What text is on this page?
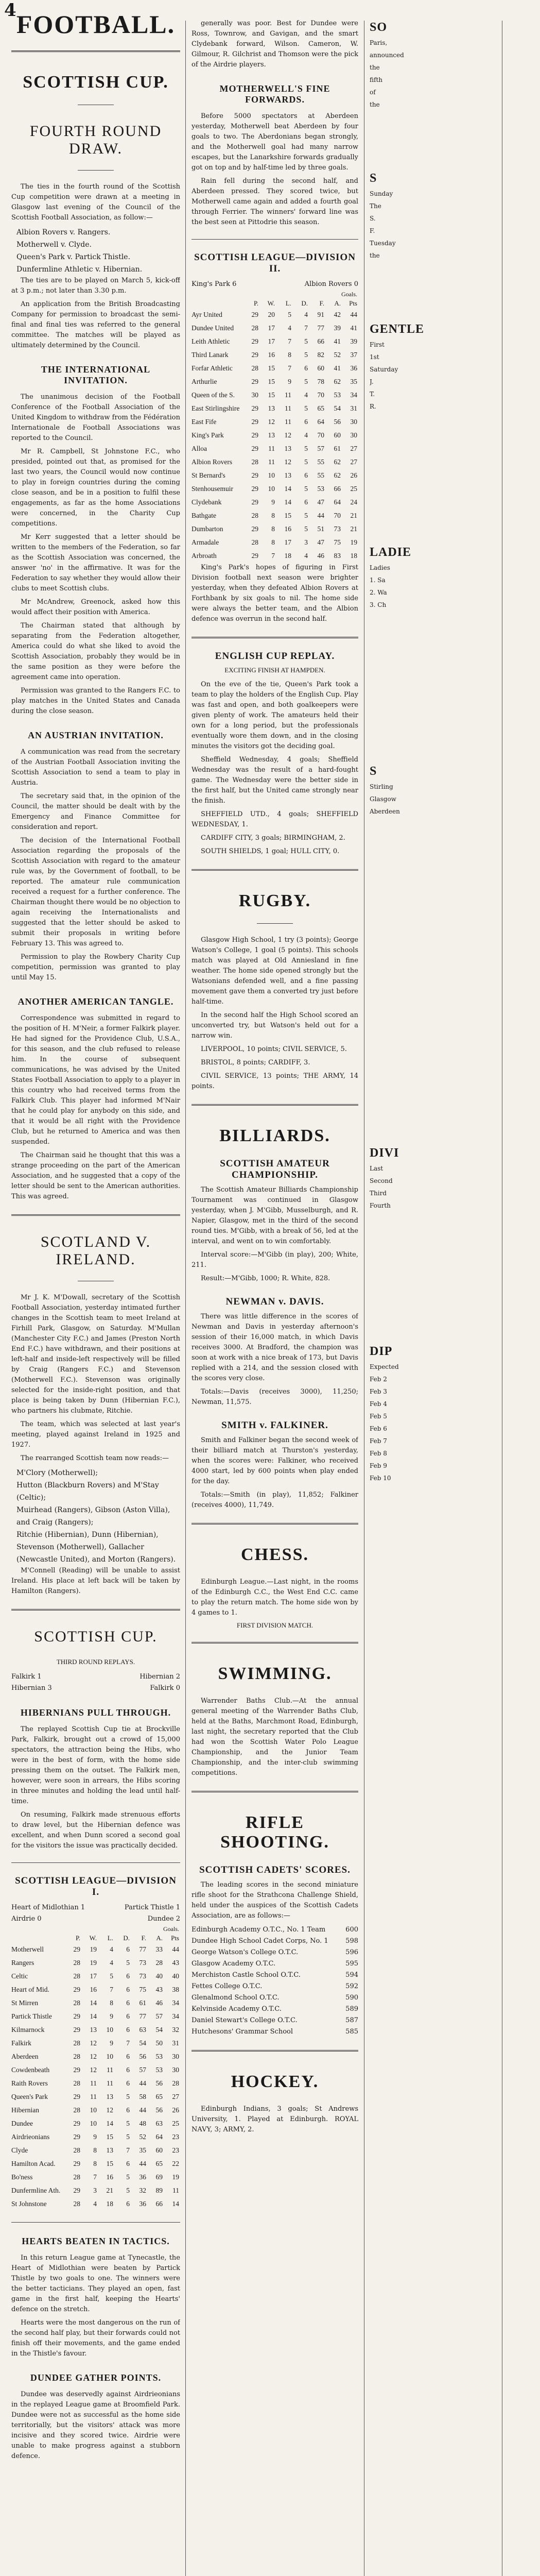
4 FOOTBALL.
SCOTTISH CUP.
FOURTH ROUND DRAW.

The ties in the fourth round of the Scottish Cup competition were drawn at a meeting in Glasgow last evening of the Council of the Scottish Football Association, as follow:—

Albion Rovers v. Rangers.
Motherwell v. Clyde.
Queen's Park v. Partick Thistle.
Dunfermline Athletic v. Hibernian.

The ties are to be played on March 5, kick-off at 3 p.m.; not later than 3.30 p.m.

An application from the British Broadcasting Company for permission to broadcast the semi-final and final ties was referred to the general committee. The matches will be played as ultimately determined by the Council.

THE INTERNATIONAL INVITATION.

The unanimous decision of the Football Conference of the Football Association of the United Kingdom to withdraw from the Fédération Internationale de Football Associations was reported to the Council.

Mr R. Campbell, St Johnstone F.C., who presided, pointed out that, as promised for the last two years, the Council would now continue to play in foreign countries during the coming close season, and be in a position to fulfil these engagements, as far as the home Associations were concerned, in the Charity Cup competitions.

Mr Kerr suggested that a letter should be written to the members of the Federation, so far as the Scottish Association was concerned, the answer 'no' in the affirmative. It was for the Federation to say whether they would allow their clubs to meet Scottish clubs.

Mr McAndrew, Greenock, asked how this would affect their position with America.

The Chairman stated that although by separating from the Federation altogether, America could do what she liked to avoid the Scottish Association, probably they would be in the same position as they were before the agreement came into operation.

Permission was granted to the Rangers F.C. to play matches in the United States and Canada during the close season.

AN AUSTRIAN INVITATION.

A communication was read from the secretary of the Austrian Football Association inviting the Scottish Association to send a team to play in Austria.

The secretary said that, in the opinion of the Council, the matter should be dealt with by the Emergency and Finance Committee for consideration and report.

The decision of the International Football Association regarding the proposals of the Scottish Association with regard to the amateur rule was, by the Government of football, to be reported. The amateur rule communication received a request for a further conference. The Chairman thought there would be no objection to again receiving the Internationalists and suggested that the letter should be asked to submit their proposals in writing before February 13. This was agreed to.

Permission to play the Rowbery Charity Cup competition, permission was granted to play until May 15.

ANOTHER AMERICAN TANGLE.

Correspondence was submitted in regard to the position of H. M'Neir, a former Falkirk player. He had signed for the Providence Club, U.S.A., for this season, and the club refused to release him. In the course of subsequent communications, he was advised by the United States Football Association to apply to a player in this country who had received terms from the Falkirk Club. This player had informed M'Nair that he could play for anybody on this side, and that it would be all right with the Providence Club, but he returned to America and was then suspended.

The Chairman said he thought that this was a strange proceeding on the part of the American Association, and he suggested that a copy of the letter should be sent to the American authorities. This was agreed.

SCOTLAND V. IRELAND.

Mr J. K. M'Dowall, secretary of the Scottish Football Association, yesterday intimated further changes in the Scottish team to meet Ireland at Firhill Park, Glasgow, on Saturday. M'Mullan (Manchester City F.C.) and James (Preston North End F.C.) have withdrawn, and their positions at left-half and inside-left respectively will be filled by Craig (Rangers F.C.) and Stevenson (Motherwell F.C.). Stevenson was originally selected for the inside-right position, and that place is being taken by Dunn (Hibernian F.C.), who partners his clubmate, Ritchie.

The team, which was selected at last year's meeting, played against Ireland in 1925 and 1927.

The rearranged Scottish team now reads:—

M'Clory (Motherwell);
Hutton (Blackburn Rovers) and M'Stay (Celtic);
Muirhead (Rangers), Gibson (Aston Villa), and Craig (Rangers);
Ritchie (Hibernian), Dunn (Hibernian), Stevenson (Motherwell), Gallacher (Newcastle United), and Morton (Rangers).

M'Connell (Reading) will be unable to assist Ireland. His place at left back will be taken by Hamilton (Rangers).

SCOTTISH CUP.
THIRD ROUND REPLAYS.
Falkirk 1	Hibernian 2
Hibernian 3	Falkirk 0
HIBERNIANS PULL THROUGH.

The replayed Scottish Cup tie at Brockville Park, Falkirk, brought out a crowd of 15,000 spectators, the attraction being the Hibs, who were in the best of form, with the home side pressing them on the outset. The Falkirk men, however, were soon in arrears, the Hibs scoring in three minutes and holding the lead until half-time.

On resuming, Falkirk made strenuous efforts to draw level, but the Hibernian defence was excellent, and when Dunn scored a second goal for the visitors the issue was practically decided.

SCOTTISH LEAGUE—DIVISION I.
Heart of Midlothian 1	Partick Thistle 1
Airdrie 0	Dundee 2
	Goals.						
	P.	W.	L.	D.	F.	A.	Pts
Motherwell	29	19	4	6	77	33	44
Rangers	28	19	4	5	73	28	43
Celtic	28	17	5	6	73	40	40
Heart of Mid.	29	16	7	6	75	43	38
St Mirren	28	14	8	6	61	46	34
Partick Thistle	29	14	9	6	77	57	34
Kilmarnock	29	13	10	6	63	54	32
Falkirk	28	12	9	7	54	50	31
Aberdeen	28	12	10	6	56	53	30
Cowdenbeath	29	12	11	6	57	53	30
Raith Rovers	28	11	11	6	44	56	28
Queen's Park	29	11	13	5	58	65	27
Hibernian	28	10	12	6	44	56	26
Dundee	29	10	14	5	48	63	25
Airdrieonians	29	9	15	5	52	64	23
Clyde	28	8	13	7	35	60	23
Hamilton Acad.	29	8	15	6	44	65	22
Bo'ness	28	7	16	5	36	69	19
Dunfermline Ath.	29	3	21	5	32	89	11
St Johnstone	28	4	18	6	36	66	14
HEARTS BEATEN IN TACTICS.

In this return League game at Tynecastle, the Heart of Midlothian were beaten by Partick Thistle by two goals to one. The winners were the better tacticians. They played an open, fast game in the first half, keeping the Hearts' defence on the stretch.

Hearts were the most dangerous on the run of the second half play, but their forwards could not finish off their movements, and the game ended in the Thistle's favour.

DUNDEE GATHER POINTS.

Dundee was deservedly against Airdrieonians in the replayed League game at Broomfield Park. Dundee were not as successful as the home side territorially, but the visitors' attack was more incisive and they scored twice. Airdrie were unable to make progress against a stubborn defence.

generally was poor. Best for Dundee were Ross, Townrow, and Gavigan, and the smart Clydebank forward, Wilson. Cameron, W. Gilmour, R. Gilchrist and Thomson were the pick of the Airdrie players.

MOTHERWELL'S FINE FORWARDS.

Before 5000 spectators at Aberdeen yesterday, Motherwell beat Aberdeen by four goals to two. The Aberdonians began strongly, and the Motherwell goal had many narrow escapes, but the Lanarkshire forwards gradually got on top and by half-time led by three goals.

Rain fell during the second half, and Aberdeen pressed. They scored twice, but Motherwell came again and added a fourth goal through Ferrier. The winners' forward line was the best seen at Pittodrie this season.

SCOTTISH LEAGUE—DIVISION II.
King's Park 6	Albion Rovers 0
	Goals.						
	P.	W.	L.	D.	F.	A.	Pts
Ayr United	29	20	5	4	91	42	44
Dundee United	28	17	4	7	77	39	41
Leith Athletic	29	17	7	5	66	41	39
Third Lanark	29	16	8	5	82	52	37
Forfar Athletic	28	15	7	6	60	41	36
Arthurlie	29	15	9	5	78	62	35
Queen of the S.	30	15	11	4	70	53	34
East Stirlingshire	29	13	11	5	65	54	31
East Fife	29	12	11	6	64	56	30
King's Park	29	13	12	4	70	60	30
Alloa	29	11	13	5	57	61	27
Albion Rovers	28	11	12	5	55	62	27
St Bernard's	29	10	13	6	55	62	26
Stenhousemuir	29	10	14	5	53	66	25
Clydebank	29	9	14	6	47	64	24
Bathgate	28	8	15	5	44	70	21
Dumbarton	29	8	16	5	51	73	21
Armadale	28	8	17	3	47	75	19
Arbroath	29	7	18	4	46	83	18

King's Park's hopes of figuring in First Division football next season were brighter yesterday, when they defeated Albion Rovers at Forthbank by six goals to nil. The home side were always the better team, and the Albion defence was overrun in the second half.

ENGLISH CUP REPLAY.
EXCITING FINISH AT HAMPDEN.

On the eve of the tie, Queen's Park took a team to play the holders of the English Cup. Play was fast and open, and both goalkeepers were given plenty of work. The amateurs held their own for a long period, but the professionals eventually wore them down, and in the closing minutes the visitors got the deciding goal.

Sheffield Wednesday, 4 goals; Sheffield Wednesday was the result of a hard-fought game. The Wednesday were the better side in the first half, but the United came strongly near the finish.

SHEFFIELD UTD., 4 goals; SHEFFIELD WEDNESDAY, 1.

CARDIFF CITY, 3 goals; BIRMINGHAM, 2.

SOUTH SHIELDS, 1 goal; HULL CITY, 0.

RUGBY.

Glasgow High School, 1 try (3 points); George Watson's College, 1 goal (5 points). This schools match was played at Old Anniesland in fine weather. The home side opened strongly but the Watsonians defended well, and a fine passing movement gave them a converted try just before half-time.

In the second half the High School scored an unconverted try, but Watson's held out for a narrow win.

LIVERPOOL, 10 points; CIVIL SERVICE, 5.

BRISTOL, 8 points; CARDIFF, 3.

CIVIL SERVICE, 13 points; THE ARMY, 14 points.

BILLIARDS.
SCOTTISH AMATEUR CHAMPIONSHIP.

The Scottish Amateur Billiards Championship Tournament was continued in Glasgow yesterday, when J. M'Gibb, Musselburgh, and R. Napier, Glasgow, met in the third of the second round ties. M'Gibb, with a break of 56, led at the interval, and went on to win comfortably.

Interval score:—M'Gibb (in play), 200; White, 211.

Result:—M'Gibb, 1000; R. White, 828.

NEWMAN v. DAVIS.

There was little difference in the scores of Newman and Davis in yesterday afternoon's session of their 16,000 match, in which Davis receives 3000. At Bradford, the champion was soon at work with a nice break of 173, but Davis replied with a 214, and the session closed with the scores very close.

Totals:—Davis (receives 3000), 11,250; Newman, 11,575.

SMITH v. FALKINER.

Smith and Falkiner began the second week of their billiard match at Thurston's yesterday, when the scores were: Falkiner, who received 4000 start, led by 600 points when play ended for the day.

Totals:—Smith (in play), 11,852; Falkiner (receives 4000), 11,749.

CHESS.

Edinburgh League.—Last night, in the rooms of the Edinburgh C.C., the West End C.C. came to play the return match. The home side won by 4 games to 1.

FIRST DIVISION MATCH.
SWIMMING.

Warrender Baths Club.—At the annual general meeting of the Warrender Baths Club, held at the Baths, Marchmont Road, Edinburgh, last night, the secretary reported that the Club had won the Scottish Water Polo League Championship, and the Junior Team Championship, and the inter-club swimming competitions.

RIFLE SHOOTING.
SCOTTISH CADETS' SCORES.

The leading scores in the second miniature rifle shoot for the Strathcona Challenge Shield, held under the auspices of the Scottish Cadets Association, are as follows:—

Edinburgh Academy O.T.C., No. 1 Team	600
Dundee High School Cadet Corps, No. 1	598
George Watson's College O.T.C.	596
Glasgow Academy O.T.C.	595
Merchiston Castle School O.T.C.	594
Fettes College O.T.C.	592
Glenalmond School O.T.C.	590
Kelvinside Academy O.T.C.	589
Daniel Stewart's College O.T.C.	587
Hutchesons' Grammar School	585
HOCKEY.

Edinburgh Indians, 3 goals; St Andrews University, 1. Played at Edinburgh. ROYAL NAVY, 3; ARMY, 2.

SO
Paris,
announced
the
fifth
of
the
S
Sunday
The
S.
F.
Tuesday
the
GENTLE
First
1st
Saturday
J.
T.
R.
LADIE
Ladies
1. Sa
2. Wa
3. Ch
S
Stirling
Glasgow
Aberdeen
DIVI
Last
Second
Third
Fourth
DIP
Expected
Feb 2
Feb 3
Feb 4
Feb 5
Feb 6
Feb 7
Feb 8
Feb 9
Feb 10
